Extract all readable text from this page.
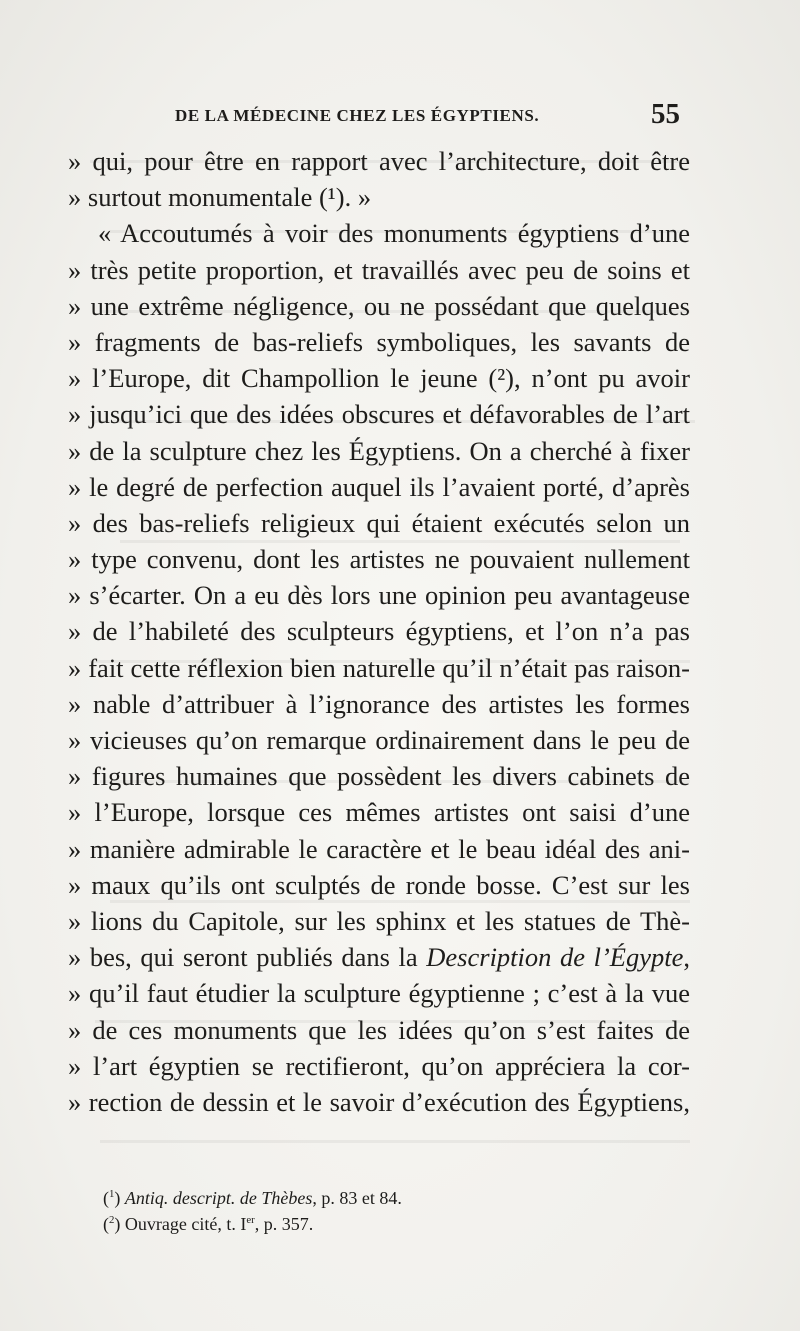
DE LA MÉDECINE CHEZ LES ÉGYPTIENS.	55
» qui, pour être en rapport avec l’architecture, doit être
» surtout monumentale (¹). »
« Accoutumés à voir des monuments égyptiens d’une
» très petite proportion, et travaillés avec peu de soins et
» une extrême négligence, ou ne possédant que quelques
» fragments de bas-reliefs symboliques, les savants de
» l’Europe, dit Champollion le jeune (²), n’ont pu avoir
» jusqu’ici que des idées obscures et défavorables de l’art
» de la sculpture chez les Égyptiens. On a cherché à fixer
» le degré de perfection auquel ils l’avaient porté, d’après
» des bas-reliefs religieux qui étaient exécutés selon un
» type convenu, dont les artistes ne pouvaient nullement
» s’écarter. On a eu dès lors une opinion peu avantageuse
» de l’habileté des sculpteurs égyptiens, et l’on n’a pas
» fait cette réflexion bien naturelle qu’il n’était pas raison-
» nable d’attribuer à l’ignorance des artistes les formes
» vicieuses qu’on remarque ordinairement dans le peu de
» figures humaines que possèdent les divers cabinets de
» l’Europe, lorsque ces mêmes artistes ont saisi d’une
» manière admirable le caractère et le beau idéal des ani-
» maux qu’ils ont sculptés de ronde bosse. C’est sur les
» lions du Capitole, sur les sphinx et les statues de Thè-
» bes, qui seront publiés dans la Description de l’Égypte,
» qu’il faut étudier la sculpture égyptienne ; c’est à la vue
» de ces monuments que les idées qu’on s’est faites de
» l’art égyptien se rectifieront, qu’on appréciera la cor-
» rection de dessin et le savoir d’exécution des Égyptiens,
($^1$) Antiq. descript. de Thèbes, p. 83 et 84.
($^2$) Ouvrage cité, t. Ier, p. 357.
